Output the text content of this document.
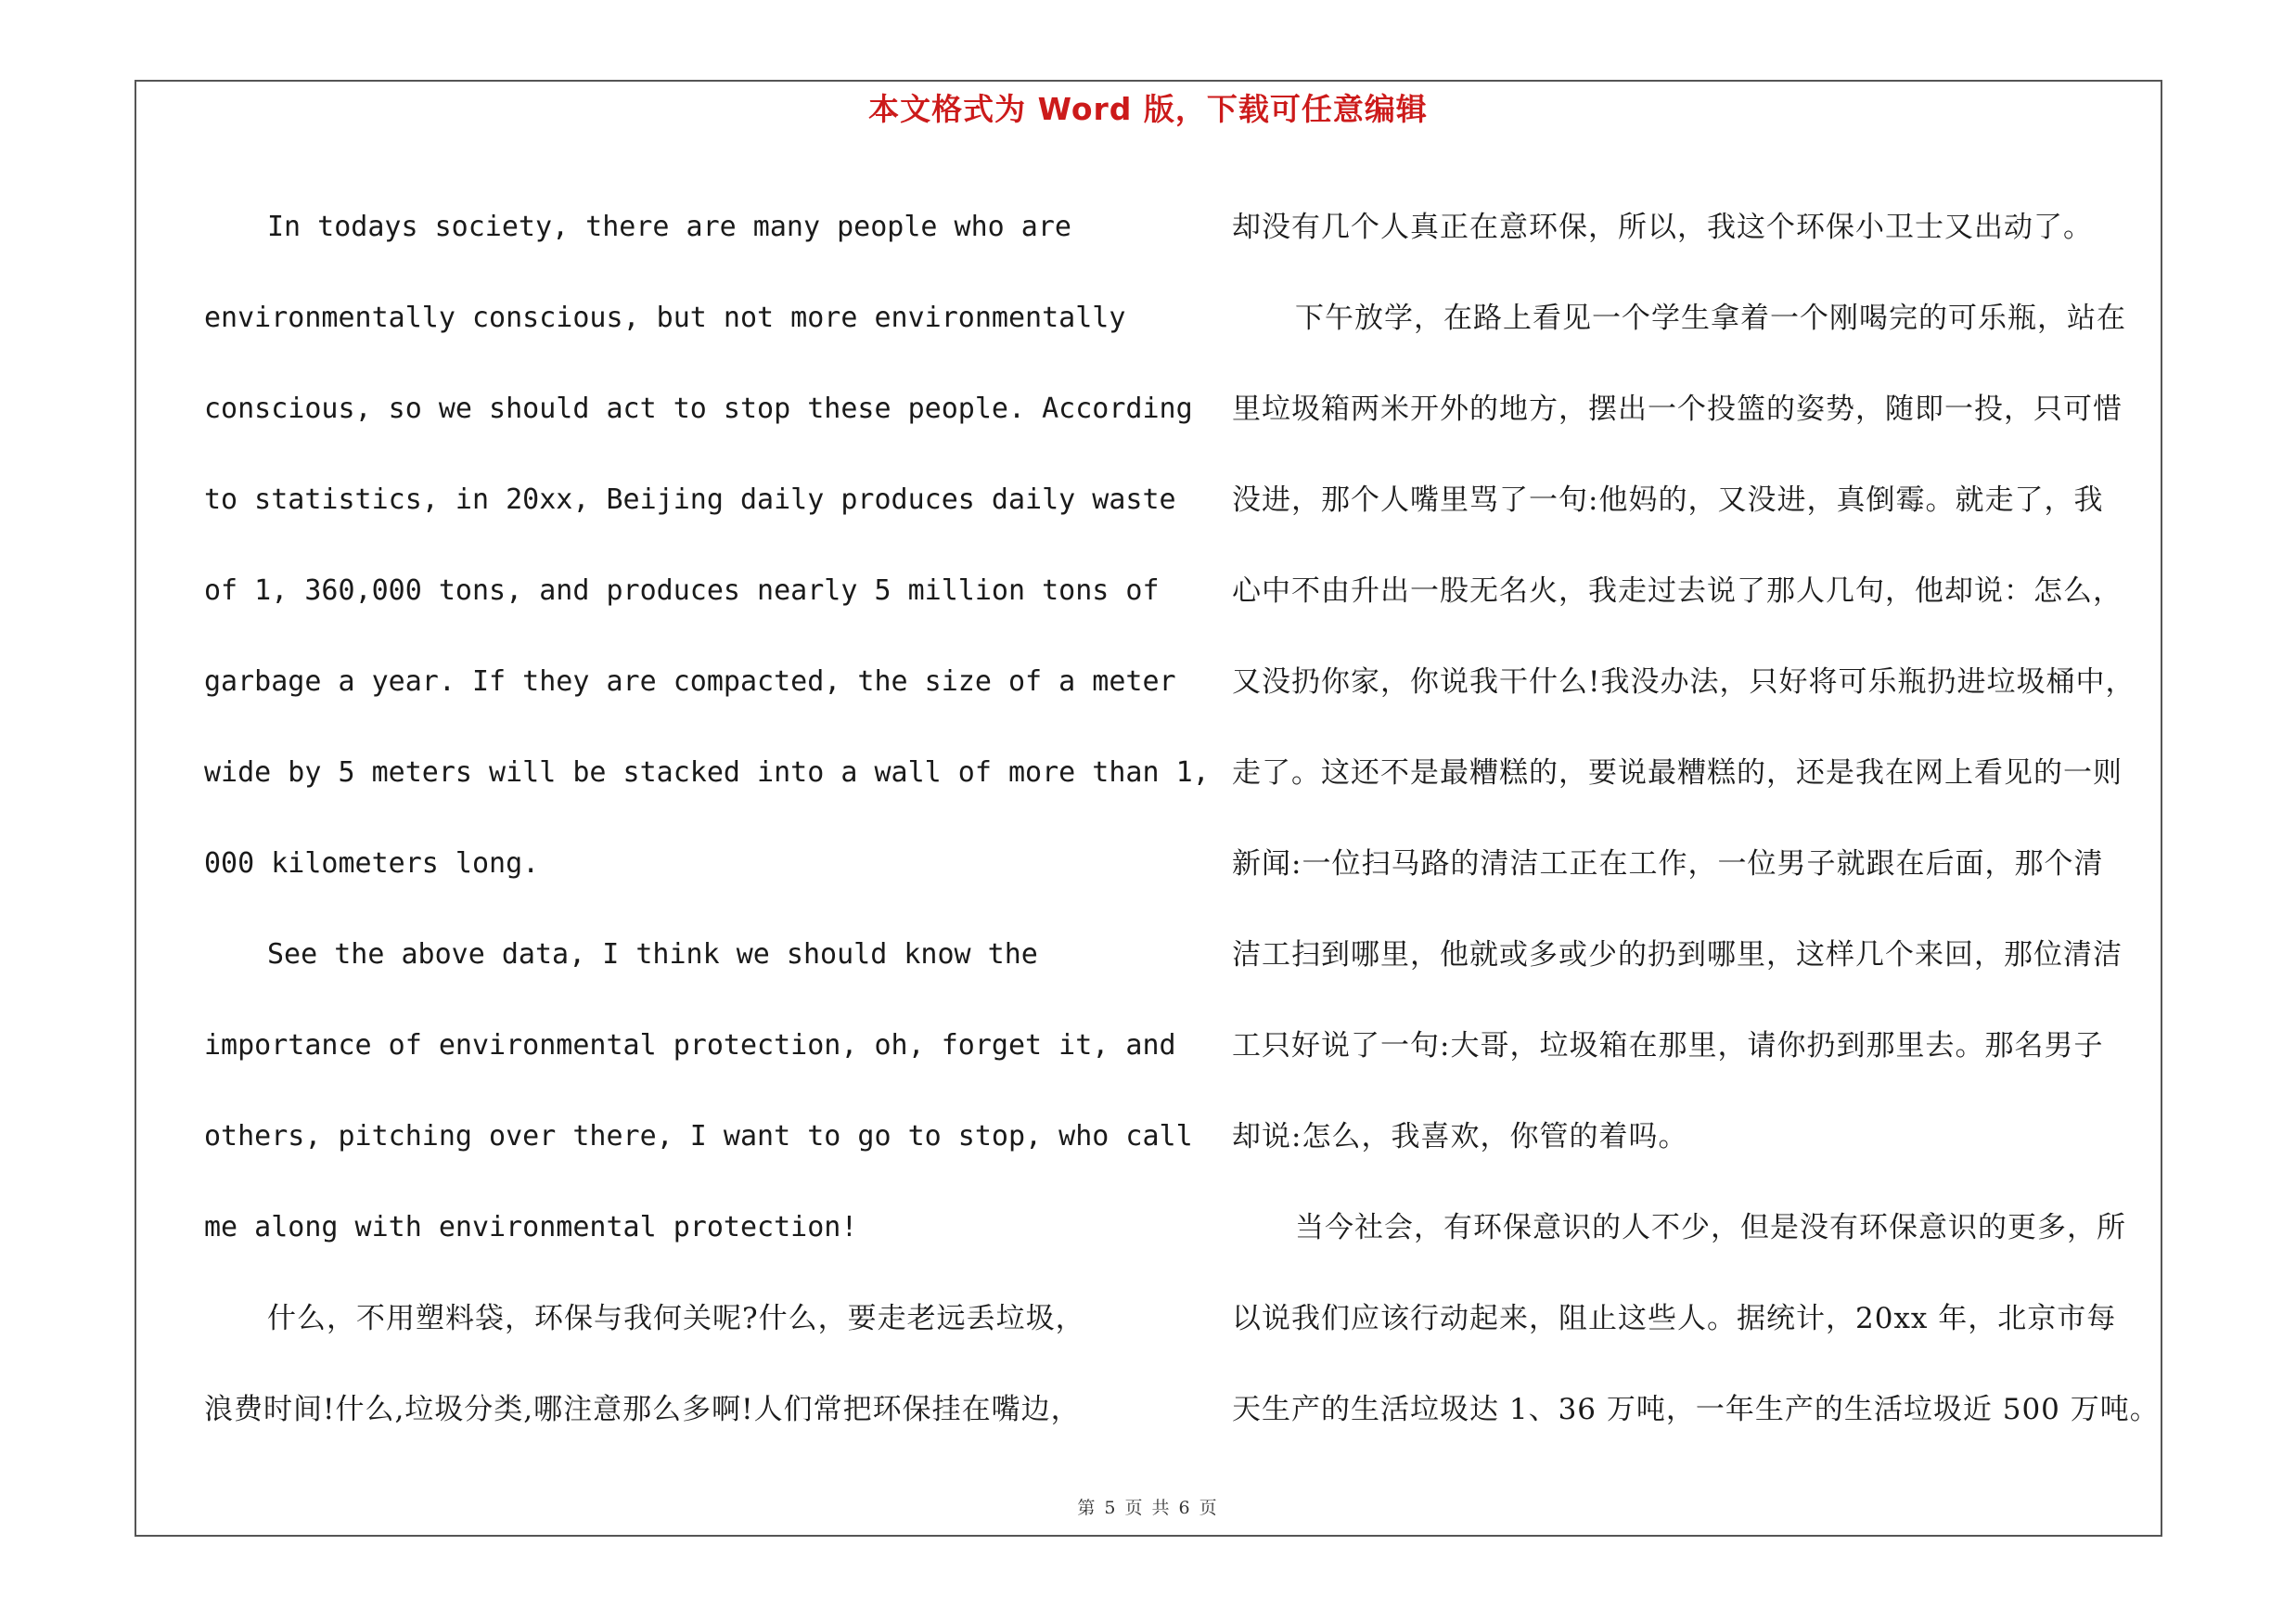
本文格式为 Word 版，下载可任意编辑
In todays society, there are many people who are
environmentally conscious, but not more environmentally
conscious, so we should act to stop these people. According
to statistics, in 20xx, Beijing daily produces daily waste
of 1, 360,000 tons, and produces nearly 5 million tons of
garbage a year. If they are compacted, the size of a meter
wide by 5 meters will be stacked into a wall of more than 1,
000 kilometers long.
See the above data, I think we should know the
importance of environmental protection, oh, forget it, and
others, pitching over there, I want to go to stop, who call
me along with environmental protection!
什么，不用塑料袋，环保与我何关呢?什么，要走老远丢垃圾，
浪费时间!什么,垃圾分类,哪注意那么多啊!人们常把环保挂在嘴边，
却没有几个人真正在意环保，所以，我这个环保小卫士又出动了。
下午放学，在路上看见一个学生拿着一个刚喝完的可乐瓶，站在
里垃圾箱两米开外的地方，摆出一个投篮的姿势，随即一投，只可惜
没进，那个人嘴里骂了一句:他妈的，又没进，真倒霉。就走了，我
心中不由升出一股无名火，我走过去说了那人几句，他却说：怎么，
又没扔你家，你说我干什么!我没办法，只好将可乐瓶扔进垃圾桶中，
走了。这还不是最糟糕的，要说最糟糕的，还是我在网上看见的一则
新闻:一位扫马路的清洁工正在工作，一位男子就跟在后面，那个清
洁工扫到哪里，他就或多或少的扔到哪里，这样几个来回，那位清洁
工只好说了一句:大哥，垃圾箱在那里，请你扔到那里去。那名男子
却说:怎么，我喜欢，你管的着吗。
当今社会，有环保意识的人不少，但是没有环保意识的更多，所
以说我们应该行动起来，阻止这些人。据统计，20xx 年，北京市每
天生产的生活垃圾达 1、36 万吨，一年生产的生活垃圾近 500 万吨。
第 5 页 共 6 页
